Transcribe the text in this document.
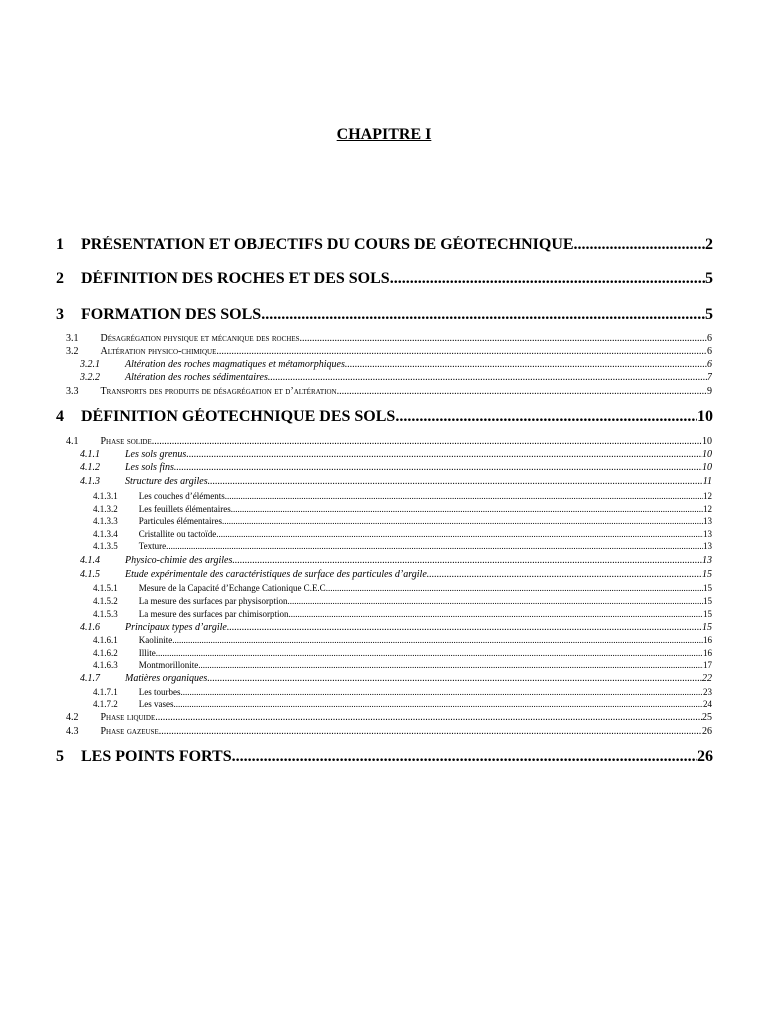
CHAPITRE I
1 PRÉSENTATION ET OBJECTIFS DU COURS DE GÉOTECHNIQUE .....	2
2 DÉFINITION DES ROCHES ET DES SOLS .....	5
3 FORMATION DES SOLS .....	5
3.1 Désagrégation physique et mécanique des roches .....	6
3.2 Altération physico-chimique .....	6
3.2.1	Altération des roches magmatiques et métamorphiques .....	6
3.2.2	Altération des roches sédimentaires .....	7
3.3 Transports des produits de désagrégation et d’altération .....	9
4 DÉFINITION GÉOTECHNIQUE DES SOLS .....	10
4.1 Phase solide .....	10
4.1.1	Les sols grenus .....	10
4.1.2	Les sols fins .....	10
4.1.3	Structure des argiles .....	11
4.1.3.1 Les couches d’éléments .....	12
4.1.3.2 Les feuillets élémentaires .....	12
4.1.3.3 Particules élémentaires .....	13
4.1.3.4 Cristallite ou tactoïde .....	13
4.1.3.5 Texture .....	13
4.1.4	Physico-chimie des argiles .....	13
4.1.5	Etude expérimentale des caractéristiques de surface des particules d’argile .....	15
4.1.5.1 Mesure de la Capacité d’Echange Cationique C.E.C .....	15
4.1.5.2 La mesure des surfaces par physisorption .....	15
4.1.5.3 La mesure des surfaces par chimisorption .....	15
4.1.6	Principaux types d’argile .....	15
4.1.6.1 Kaolinite .....	16
4.1.6.2 Illite .....	16
4.1.6.3 Montmorillonite .....	17
4.1.7	Matières organiques .....	22
4.1.7.1 Les tourbes .....	23
4.1.7.2 Les vases .....	24
4.2 Phase liquide .....	25
4.3 Phase gazeuse .....	26
5 LES POINTS FORTS .....	26
